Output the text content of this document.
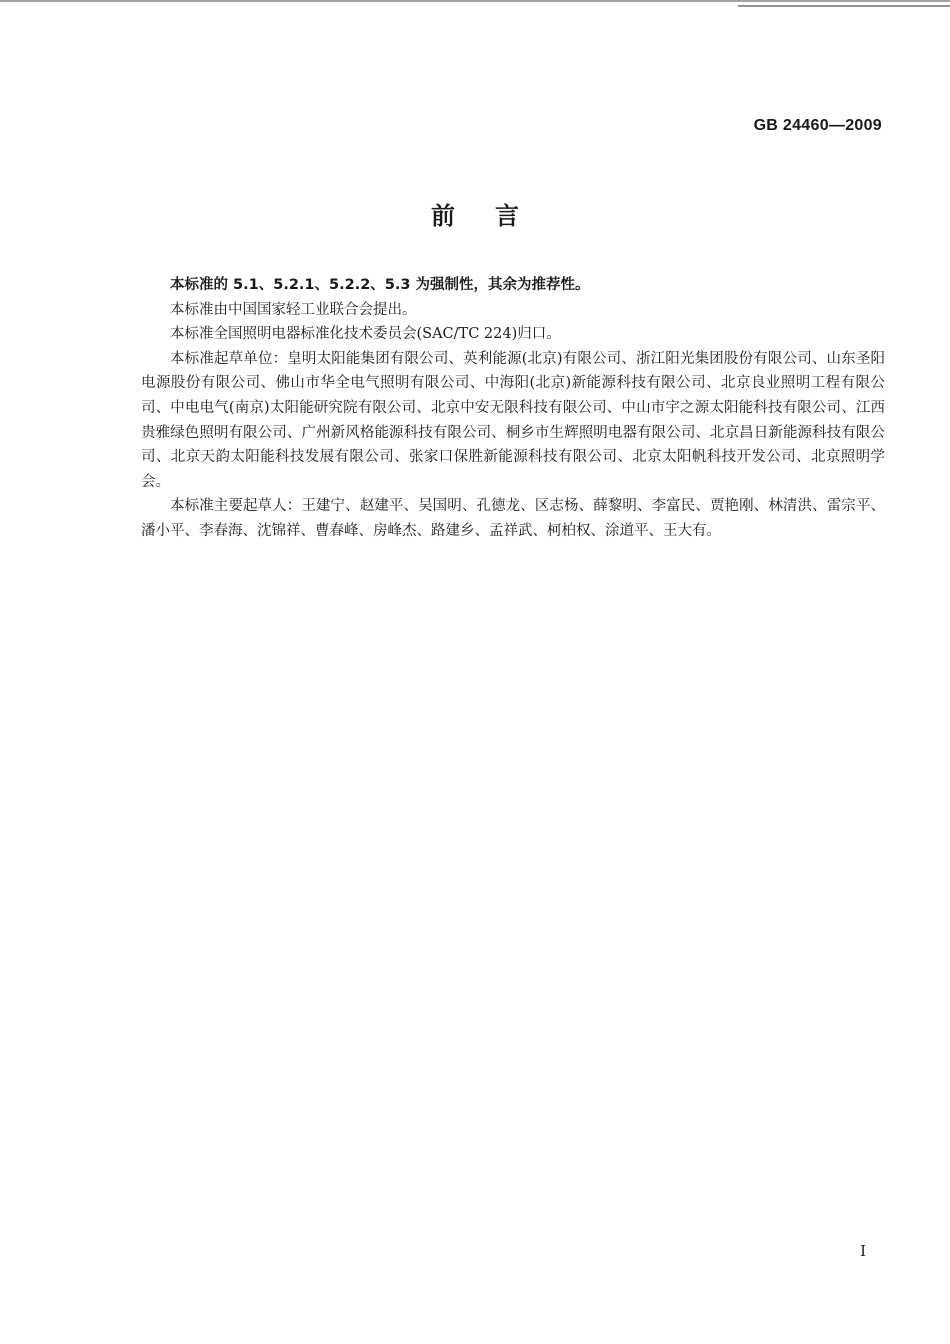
GB 24460—2009
前言

本标准的 5.1、5.2.1、5.2.2、5.3 为强制性，其余为推荐性。

本标准由中国国家轻工业联合会提出。

本标准全国照明电器标准化技术委员会(SAC/TC 224)归口。

本标准起草单位：皇明太阳能集团有限公司、英利能源(北京)有限公司、浙江阳光集团股份有限公司、山东圣阳电源股份有限公司、佛山市华全电气照明有限公司、中海阳(北京)新能源科技有限公司、北京良业照明工程有限公司、中电电气(南京)太阳能研究院有限公司、北京中安无限科技有限公司、中山市宇之源太阳能科技有限公司、江西贵雅绿色照明有限公司、广州新风格能源科技有限公司、桐乡市生辉照明电器有限公司、北京昌日新能源科技有限公司、北京天韵太阳能科技发展有限公司、张家口保胜新能源科技有限公司、北京太阳帆科技开发公司、北京照明学会。

本标准主要起草人：王建宁、赵建平、吴国明、孔德龙、区志杨、薛黎明、李富民、贾艳刚、林清洪、雷宗平、潘小平、李春海、沈锦祥、曹春峰、房峰杰、路建乡、孟祥武、柯柏权、涂道平、王大有。

I
